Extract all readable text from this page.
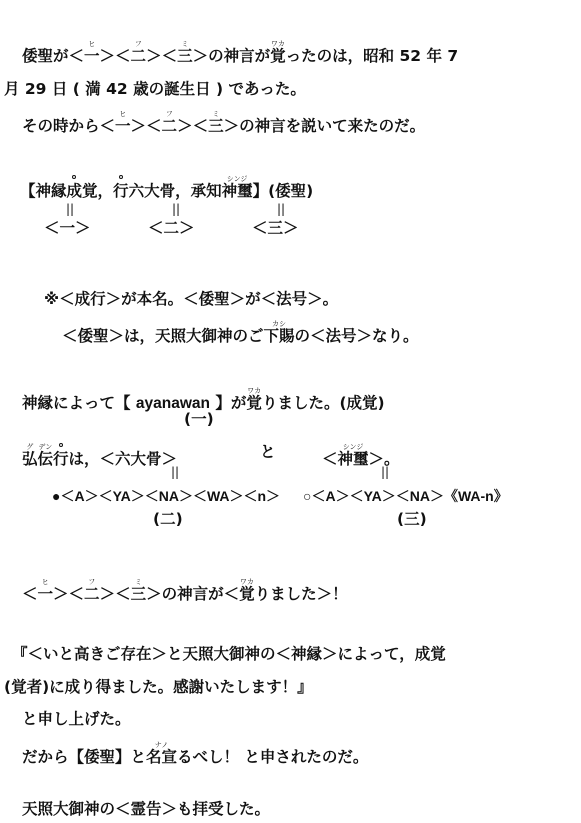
倭聖が＜一ヒ＞＜二フ＞＜三ミ＞の神言が覚ワカったのは，昭和 52 年 7
月 29 日 ( 満 42 歳の誕生日 ) であった。
その時から＜一ヒ＞＜二フ＞＜三ミ＞の神言を説いて来たのだ。
【神縁成覚，行六大骨，承知神璽シンジ】(倭聖)
||	||	||
＜一＞	＜二＞	＜三＞
※＜成行＞が本名。＜倭聖＞が＜法号＞。
＜倭聖＞は，天照大御神のご下賜カシの＜法号＞なり。
神縁によって【 ayanawan 】が覚ワカりました。(成覚)
(一)
弘グ伝デン行は，＜六大骨＞	と	＜神璽シンジ＞。
||	||
●＜A＞＜YA＞＜NA＞＜WA＞＜n＞ ○＜A＞＜YA＞＜NA＞《WA-n》
(二)	(三)
＜一ヒ＞＜二フ＞＜三ミ＞の神言が＜覚ワカりました＞！
『＜いと高きご存在＞と天照大御神の＜神縁＞によって，成覚
(覚者)に成り得ました。感謝いたします！』
と申し上げた。
だから【倭聖】と名宣ナノるべし！ と申されたのだ。
天照大御神の＜霊告＞も拝受した。
